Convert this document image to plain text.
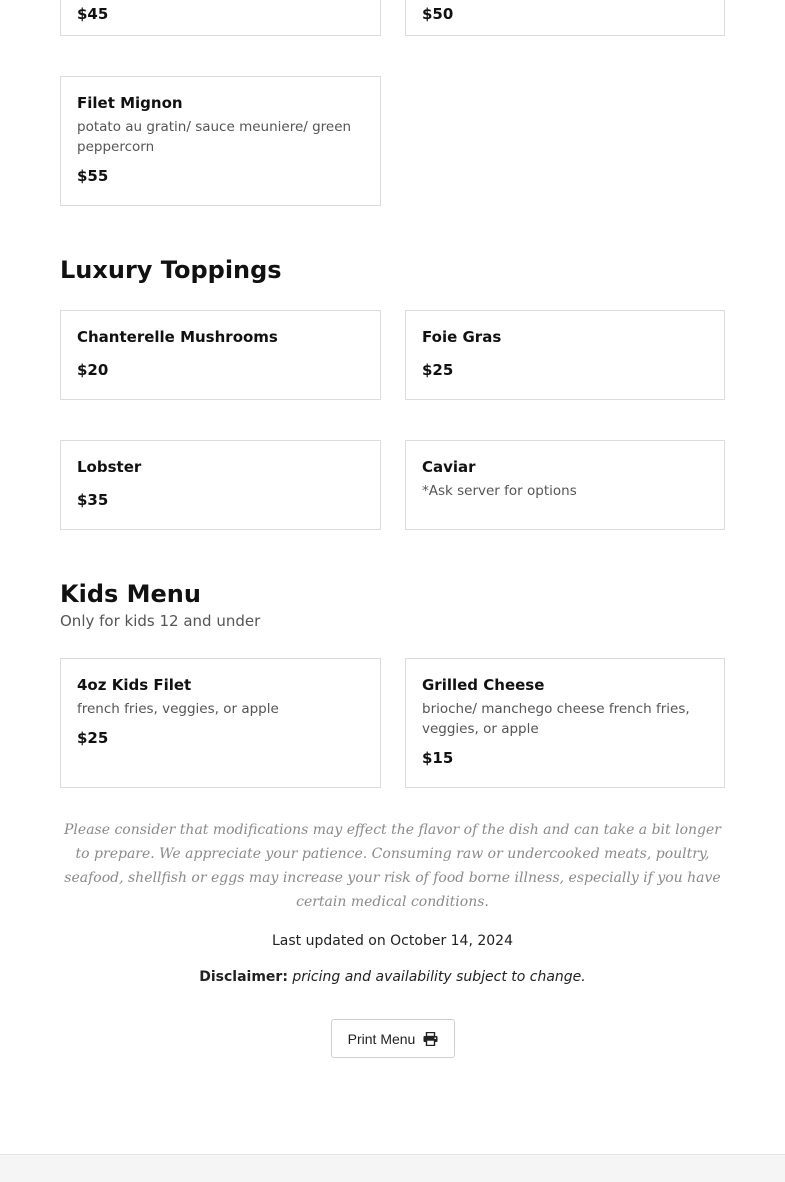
$45	$50
Filet Mignon
potato au gratin/ sauce meuniere/ green peppercorn
$55
Luxury Toppings
Chanterelle Mushrooms
$20
Foie Gras
$25
Lobster
$35
Caviar
*Ask server for options
Kids Menu
Only for kids 12 and under
4oz Kids Filet
french fries, veggies, or apple
$25
Grilled Cheese
brioche/ manchego cheese french fries, veggies, or apple
$15
Please consider that modifications may effect the flavor of the dish and can take a bit longer to prepare. We appreciate your patience. Consuming raw or undercooked meats, poultry, seafood, shellfish or eggs may increase your risk of food borne illness, especially if you have certain medical conditions.
Last updated on October 14, 2024
Disclaimer: pricing and availability subject to change.
Print Menu
